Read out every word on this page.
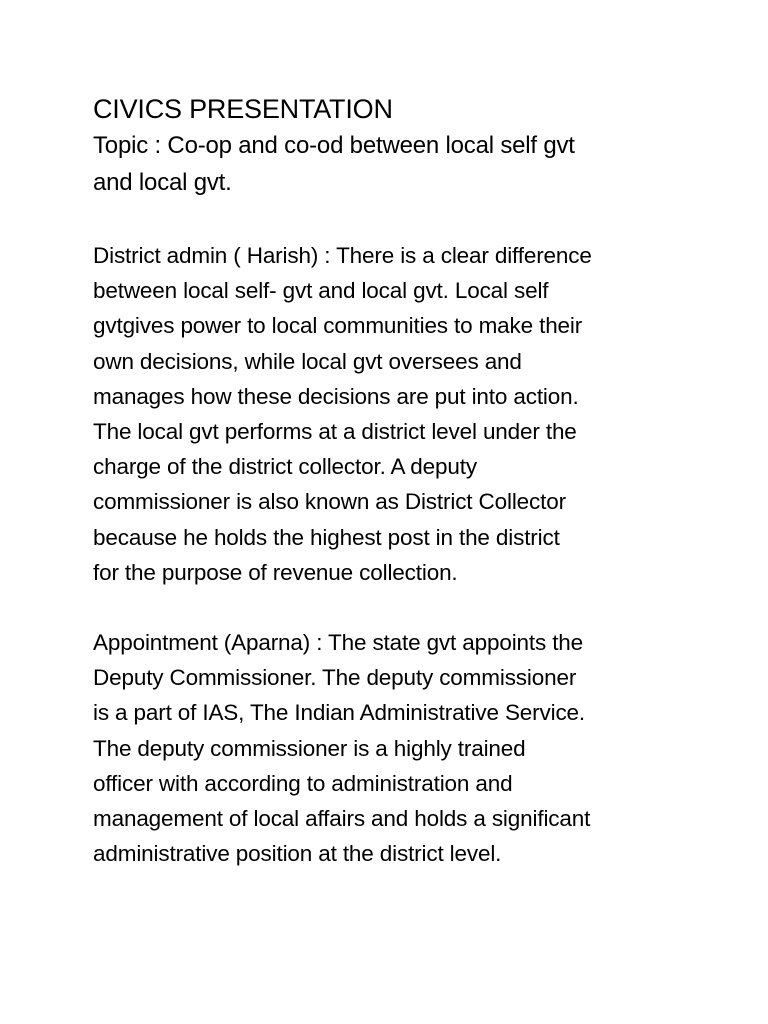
CIVICS PRESENTATION

Topic : Co-op and co-od between local self gvt
and local gvt.

District admin ( Harish) : There is a clear difference
between local self- gvt and local gvt. Local self
gvtgives power to local communities to make their
own decisions, while local gvt oversees and
manages how these decisions are put into action.
The local gvt performs at a district level under the
charge of the district collector. A deputy
commissioner is also known as District Collector
because he holds the highest post in the district
for the purpose of revenue collection.

Appointment (Aparna) : The state gvt appoints the
Deputy Commissioner. The deputy commissioner
is a part of IAS, The Indian Administrative Service.
The deputy commissioner is a highly trained
officer with according to administration and
management of local affairs and holds a significant
administrative position at the district level.
